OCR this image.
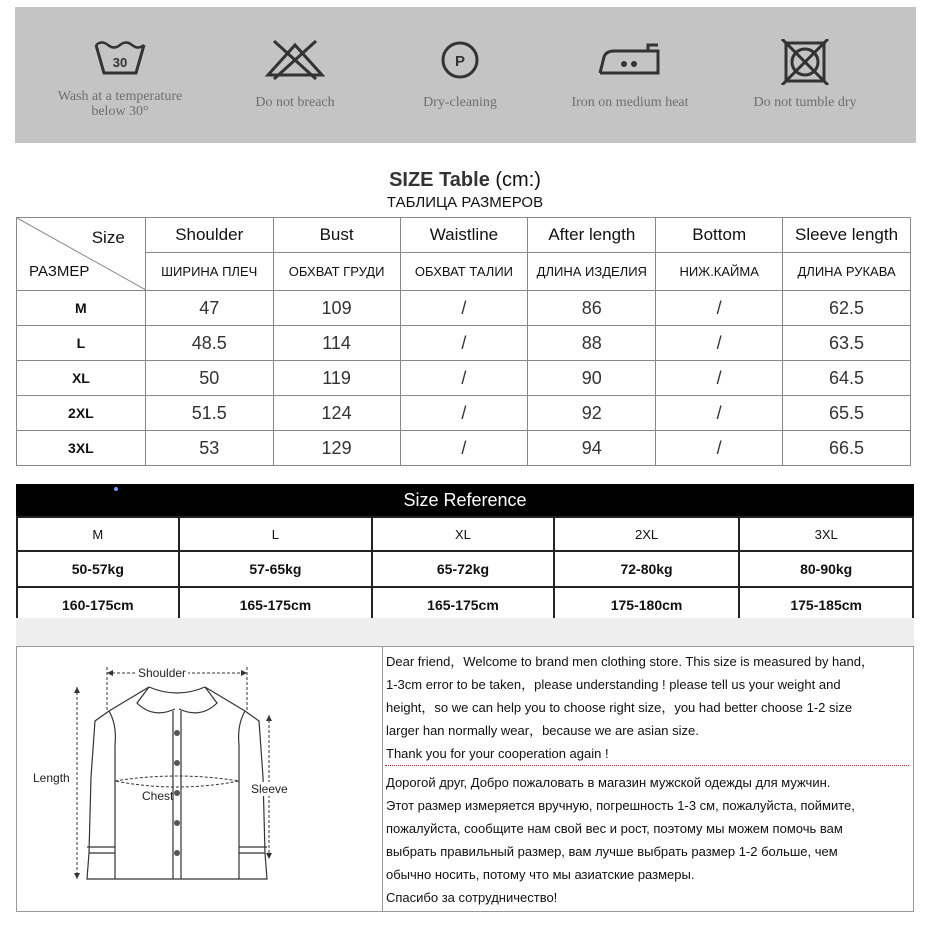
30
Wash at a temperature below 30°
Do not breach
P
Dry-cleaning	Iron on medium heat	Do not tumble dry
SIZE Table (cm:)
ТАБЛИЦА РАЗМЕРОВ
Size
РАЗМЕР	Shoulder	Bust	Waistline	After length	Bottom	Sleeve length
	ШИРИНА ПЛЕЧ	ОБХВАТ ГРУДИ	ОБХВАТ ТАЛИИ	ДЛИНА ИЗДЕЛИЯ	НИЖ.КАЙМА	ДЛИНА РУКАВА
M	47	109	/	86	/	62.5
L	48.5	114	/	88	/	63.5
XL	50	119	/	90	/	64.5
2XL	51.5	124	/	92	/	65.5
3XL	53	129	/	94	/	66.5
Size Reference
M	L	XL	2XL	3XL
50-57kg	57-65kg	65-72kg	72-80kg	80-90kg
160-175cm	165-175cm	165-175cm	175-180cm	175-185cm
Shoulder
Length
Chest	Sleeve
Dear friend，Welcome to brand men clothing store. This size is measured by hand，
1-3cm error to be taken，please understanding ! please tell us your weight and
height，so we can help you to choose right size，you had better choose 1-2 size
larger han normally wear，because we are asian size.
Thank you for your cooperation again !
Дорогой друг, Добро пожаловать в магазин мужской одежды для мужчин.
Этот размер измеряется вручную, погрешность 1-3 см, пожалуйста, поймите,
пожалуйста, сообщите нам свой вес и рост, поэтому мы можем помочь вам
выбрать правильный размер, вам лучше выбрать размер 1-2 больше, чем
обычно носить, потому что мы азиатские размеры.
Спасибо за сотрудничество!
